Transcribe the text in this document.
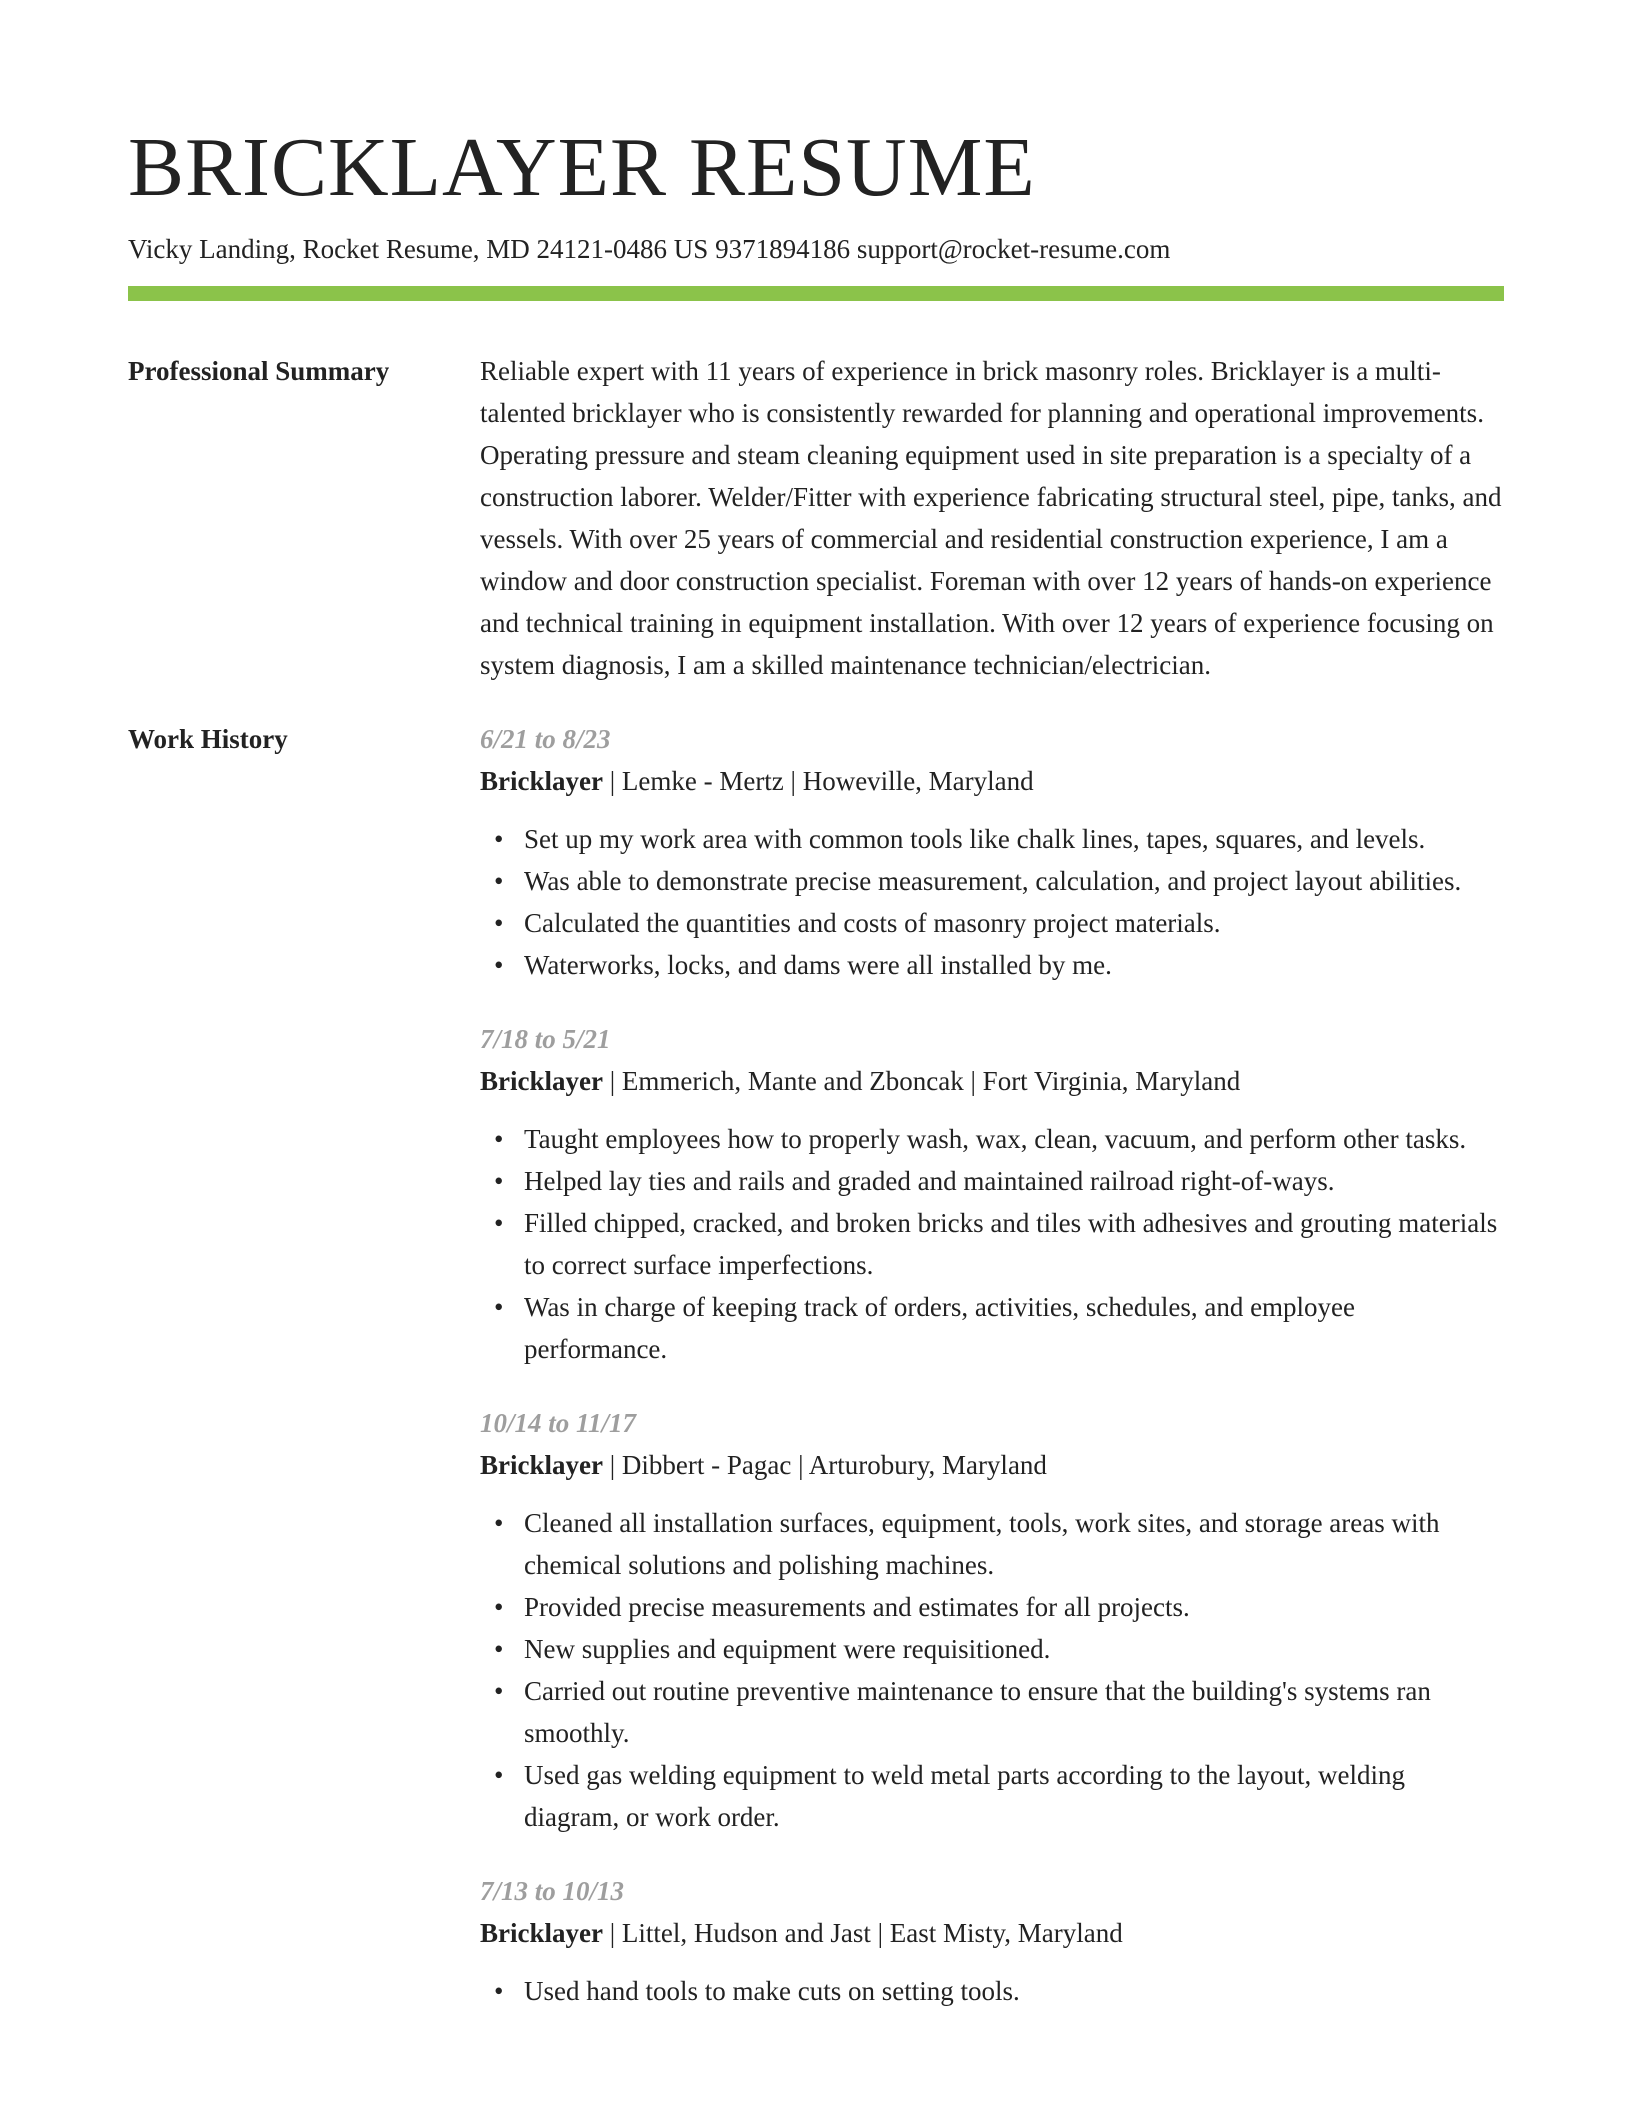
BRICKLAYER RESUME
Vicky Landing, Rocket Resume, MD 24121-0486 US 9371894186 support@rocket-resume.com
Professional Summary	Reliable expert with 11 years of experience in brick masonry roles. Bricklayer is a multi-talented bricklayer who is consistently rewarded for planning and operational improvements. Operating pressure and steam cleaning equipment used in site preparation is a specialty of a construction laborer. Welder/Fitter with experience fabricating structural steel, pipe, tanks, and vessels. With over 25 years of commercial and residential construction experience, I am a window and door construction specialist. Foreman with over 12 years of hands-on experience and technical training in equipment installation. With over 12 years of experience focusing on system diagnosis, I am a skilled maintenance technician/electrician.

Work History	6/21 to 8/23
Bricklayer | Lemke - Mertz | Howeville, Maryland
• Set up my work area with common tools like chalk lines, tapes, squares, and levels.
• Was able to demonstrate precise measurement, calculation, and project layout abilities.
• Calculated the quantities and costs of masonry project materials.
• Waterworks, locks, and dams were all installed by me.
7/18 to 5/21
Bricklayer | Emmerich, Mante and Zboncak | Fort Virginia, Maryland
• Taught employees how to properly wash, wax, clean, vacuum, and perform other tasks.
• Helped lay ties and rails and graded and maintained railroad right-of-ways.
• Filled chipped, cracked, and broken bricks and tiles with adhesives and grouting materials to correct surface imperfections.
• Was in charge of keeping track of orders, activities, schedules, and employee performance.
10/14 to 11/17
Bricklayer | Dibbert - Pagac | Arturobury, Maryland
• Cleaned all installation surfaces, equipment, tools, work sites, and storage areas with chemical solutions and polishing machines.
• Provided precise measurements and estimates for all projects.
• New supplies and equipment were requisitioned.
• Carried out routine preventive maintenance to ensure that the building's systems ran smoothly.
• Used gas welding equipment to weld metal parts according to the layout, welding diagram, or work order.
7/13 to 10/13
Bricklayer | Littel, Hudson and Jast | East Misty, Maryland
• Used hand tools to make cuts on setting tools.
